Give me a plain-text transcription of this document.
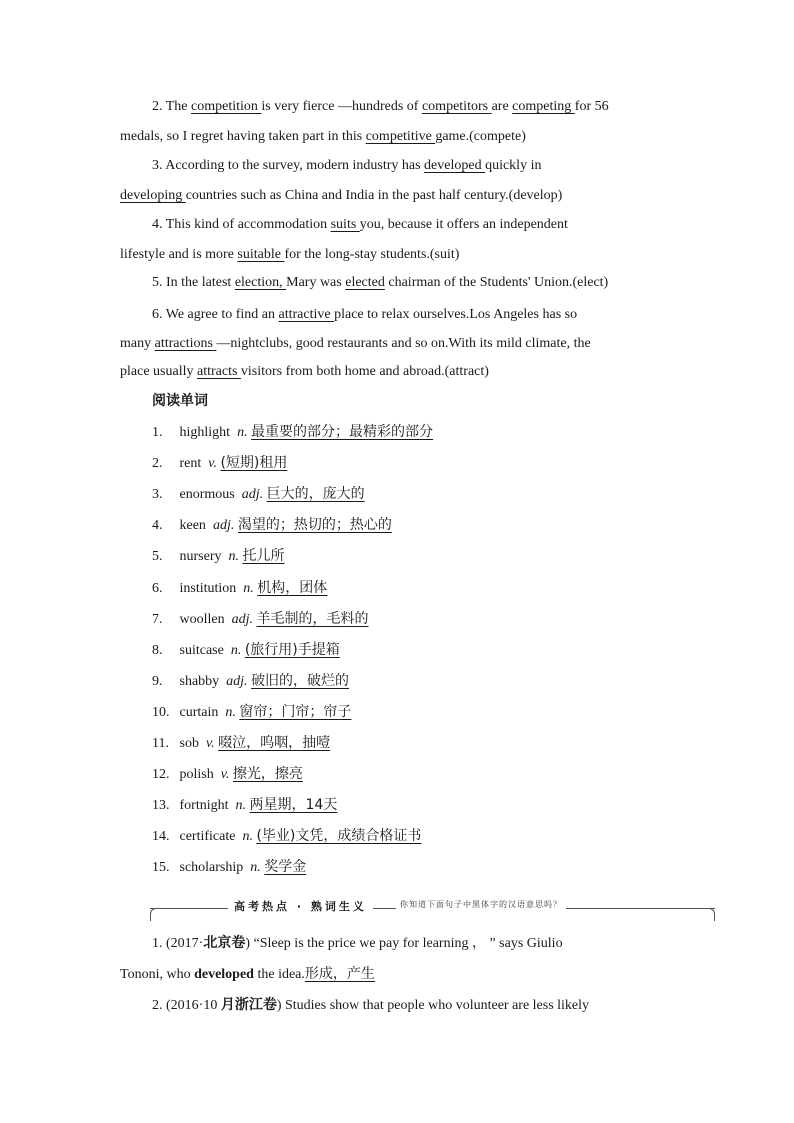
2. The competition is very fierce —hundreds of competitors are competing for 56
medals, so I regret having taken part in this competitive game.(compete)
3. According to the survey, modern industry has developed quickly in
developing countries such as China and India in the past half century.(develop)
4. This kind of accommodation suits you, because it offers an independent
lifestyle and is more suitable for the long-stay students.(suit)
5. In the latest election, Mary was elected chairman of the Students' Union.(elect)
6. We agree to find an attractive place to relax ourselves.Los Angeles has so
many attractions —nightclubs, good restaurants and so on.With its mild climate, the
place usually attracts visitors from both home and abroad.(attract)
阅读单词
1. highlight n. 最重要的部分；最精彩的部分
2. rent v. (短期)租用
3. enormous adj. 巨大的，庞大的
4. keen adj. 渴望的；热切的；热心的
5. nursery n. 托儿所
6. institution n. 机构，团体
7. woollen adj. 羊毛制的，毛料的
8. suitcase n. (旅行用)手提箱
9. shabby adj. 破旧的，破烂的
10. curtain n. 窗帘；门帘；帘子
11. sob v. 啜泣，呜咽，抽噎
12. polish v. 擦光，擦亮
13. fortnight n. 两星期，14天
14. certificate n. (毕业)文凭，成绩合格证书
15. scholarship n. 奖学金
高考热点 · 熟词生义	你知道下面句子中黑体字的汉语意思吗？
1. (2017·北京卷) “Sleep is the price we pay for learning ， ” says Giulio
Tononi, who developed the idea.形成，产生
2. (2016·10 月浙江卷) Studies show that people who volunteer are less likely
